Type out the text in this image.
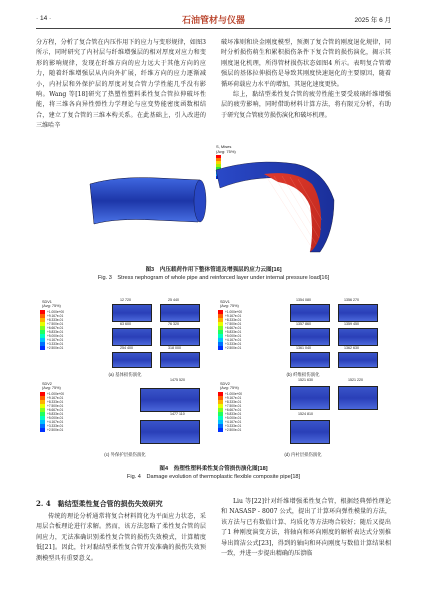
· 14 ·	石油管材与仪器	2025 年 6 月

分方程，分析了复合管在内压作用下的应力与变形规律，如图3 所示，同时研究了内衬层与纤维增强层的相对厚度对应力和变形的影响规律，发现在纤维方向的应力远大于其他方向的应力，随着纤维增强层从内向外扩展，纤维方向的应力逐渐减小，内衬层和外保护层的厚度对复合管力学性能几乎没有影响。Wang 等[18]研究了热塑性塑料柔性复合管拉伸破坏性能，将三维各向异性弹性力学理论与应变势能密度函数相结合，建立了复合管的三维本构关系。在此基础上，引入改进的三维哈辛

破坏准则和块金刚度模型，预测了复合管的刚度退化规律，同时分析损伤萌生和累积损伤条件下复合管的损伤演化，揭示其刚度退化机理，所得管材损伤状态如图4 所示。表明复合管增强层的基体拉伸损伤是导致其刚度快速退化的主要原因，随着循环荷载应力水平的增加，其退化速度更快。

综上，黏结型柔性复合管的疲劳性能主要受玻璃纤维增强层的疲劳影响，同时借助材料计算方法，将有限元分析，有助于研究复合管疲劳损伤演化和破坏机理。

S, Mises
(Avg: 75%)
图3　内压载荷作用下整体管道及增强层的应力云图[16]
Fig. 3　Stress nephogram of whole pipe and reinforced layer under internal pressure load[16]
SDV1
(Avg: 75%)
+1.000e+00
+9.167e-01
+8.333e-01
+7.500e-01
+6.667e-01
+5.833e-01
+5.000e-01
+4.167e-01
+3.333e-01
+2.500e-01
12 720	25 440
63 600	76 320
254 400	318 000
(a) 基体损伤演化
SDV1
(Avg: 75%)
+1.000e+00
+9.167e-01
+8.333e-01
+7.500e-01
+6.667e-01
+5.833e-01
+5.000e-01
+4.167e-01
+3.333e-01
+2.500e-01
1354 080	1356 270
1357 860	1359 450
1361 040	1362 630
(b) 纤维损伤演化
SDV2
(Avg: 75%)
+1.000e+00
+9.167e-01
+8.333e-01
+7.500e-01
+6.667e-01
+5.833e-01
+5.000e-01
+4.167e-01
+3.333e-01
+2.500e-01
1475 520
1477 110
(c) 外保护层损伤演化
SDV2
(Avg: 75%)
+1.000e+00
+9.167e-01
+8.333e-01
+7.500e-01
+6.667e-01
+5.833e-01
+5.000e-01
+4.167e-01
+3.333e-01
+2.500e-01
1521 630	1521 220
1524 810
(d) 内衬层损伤演化
图4　热塑性塑料柔性复合管损伤演化图[18]
Fig. 4　Damage evolution of thermoplastic flexible composite pipe[18]
2. 4　黏结型柔性复合管的损伤失效研究

传统的理论分析通常将复合材料简化为平面应力状态，采用层合板理论进行求解。然而，该方法忽略了柔性复合管的层间应力，无法准确识别柔性复合管的损伤失效模式，计算精度低[21]。因此，针对黏结型柔性复合管开发准确的损伤失效预测模型具有重要意义。

Liu 等[22]针对纤维增强柔性复合管，根据经典弹性理论和 NASASP - 8007 公式，提出了计算环向弹性模量的方法，该方法与已有数值计算、均质化等方法吻合较好；随后又提出了1 种刚度演变方法，将轴向和环向刚度的解析表达式分别推导出简洁公式[23]，得到的轴向和环向刚度与数值计算结果相一致，并进一步提出精确的压溃临
